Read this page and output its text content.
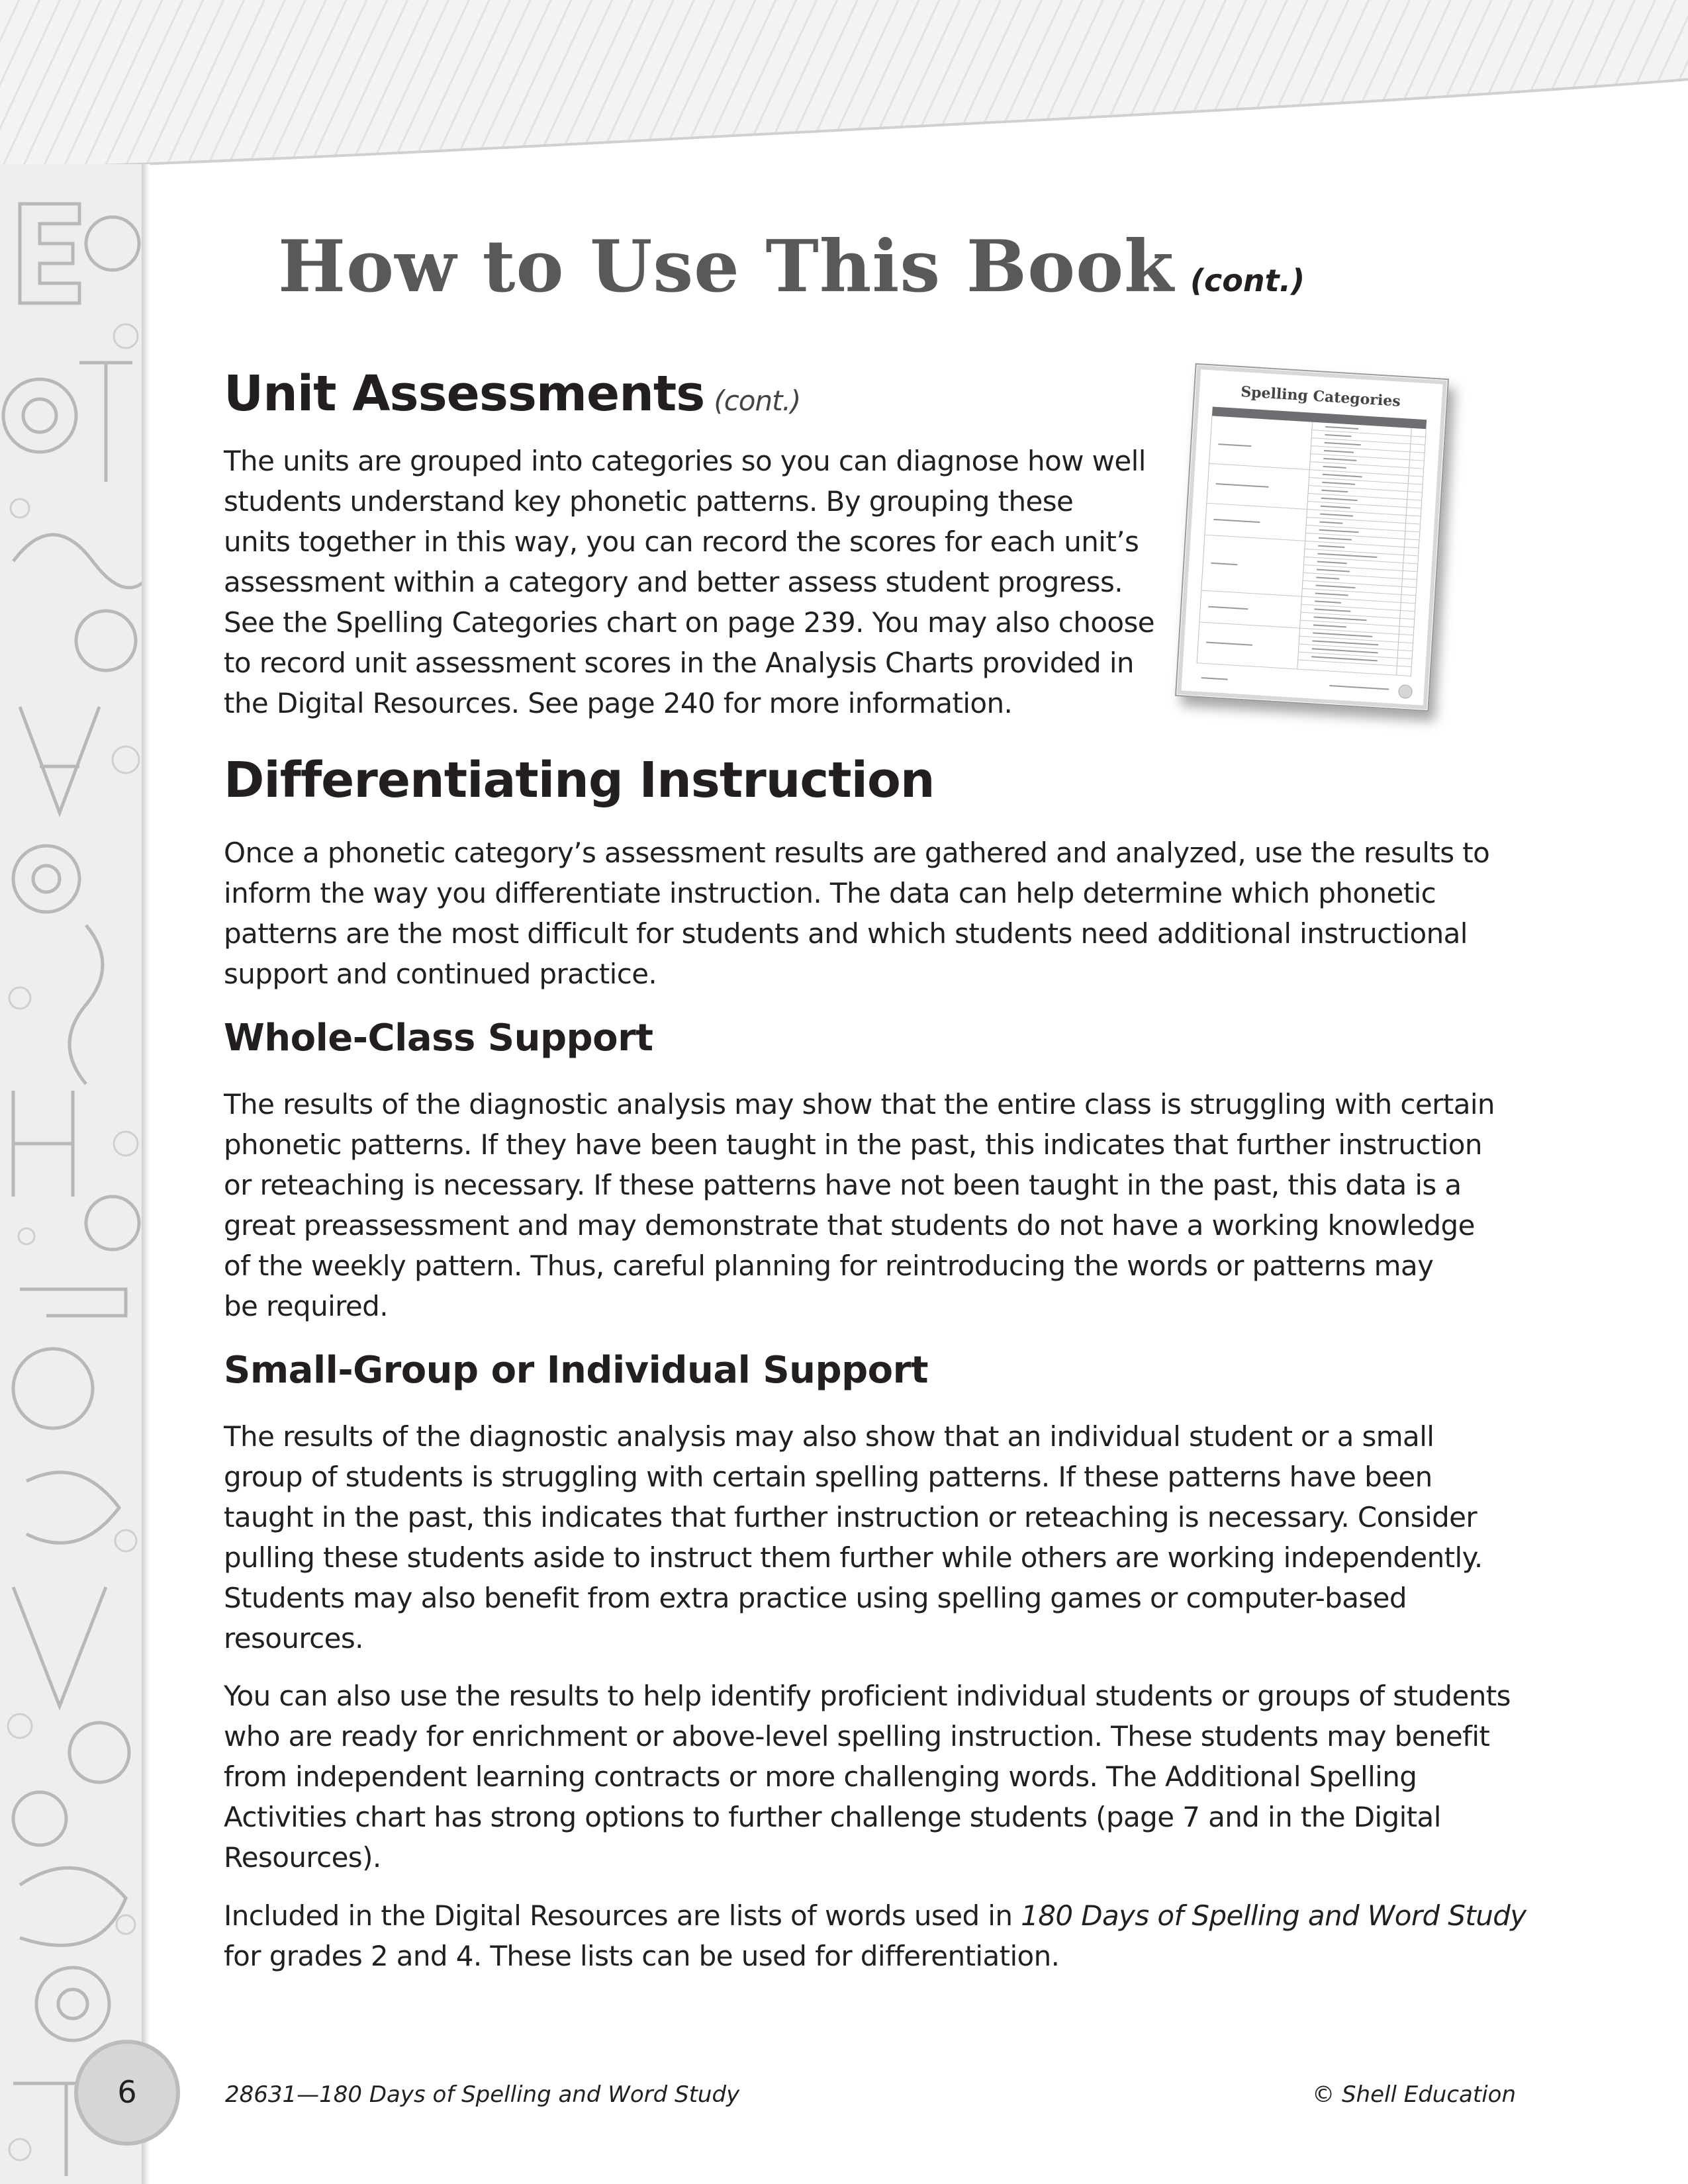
How to Use This Book (cont.)
Unit Assessments (cont.)
The units are grouped into categories so you can diagnose how well
students understand key phonetic patterns. By grouping these
units together in this way, you can record the scores for each unit’s
assessment within a category and better assess student progress.
See the Spelling Categories chart on page 239. You may also choose
to record unit assessment scores in the Analysis Charts provided in
the Digital Resources. See page 240 for more information.
Spelling Categories
Differentiating Instruction
Once a phonetic category’s assessment results are gathered and analyzed, use the results to
inform the way you differentiate instruction. The data can help determine which phonetic
patterns are the most difficult for students and which students need additional instructional
support and continued practice.
Whole-Class Support
The results of the diagnostic analysis may show that the entire class is struggling with certain
phonetic patterns. If they have been taught in the past, this indicates that further instruction
or reteaching is necessary. If these patterns have not been taught in the past, this data is a
great preassessment and may demonstrate that students do not have a working knowledge
of the weekly pattern. Thus, careful planning for reintroducing the words or patterns may
be required.
Small-Group or Individual Support
The results of the diagnostic analysis may also show that an individual student or a small
group of students is struggling with certain spelling patterns. If these patterns have been
taught in the past, this indicates that further instruction or reteaching is necessary. Consider
pulling these students aside to instruct them further while others are working independently.
Students may also benefit from extra practice using spelling games or computer-based
resources.
You can also use the results to help identify proficient individual students or groups of students
who are ready for enrichment or above-level spelling instruction. These students may benefit
from independent learning contracts or more challenging words. The Additional Spelling
Activities chart has strong options to further challenge students (page 7 and in the Digital
Resources).
Included in the Digital Resources are lists of words used in 180 Days of Spelling and Word Study
for grades 2 and 4. These lists can be used for differentiation.
6	28631—180 Days of Spelling and Word Study	© Shell Education
